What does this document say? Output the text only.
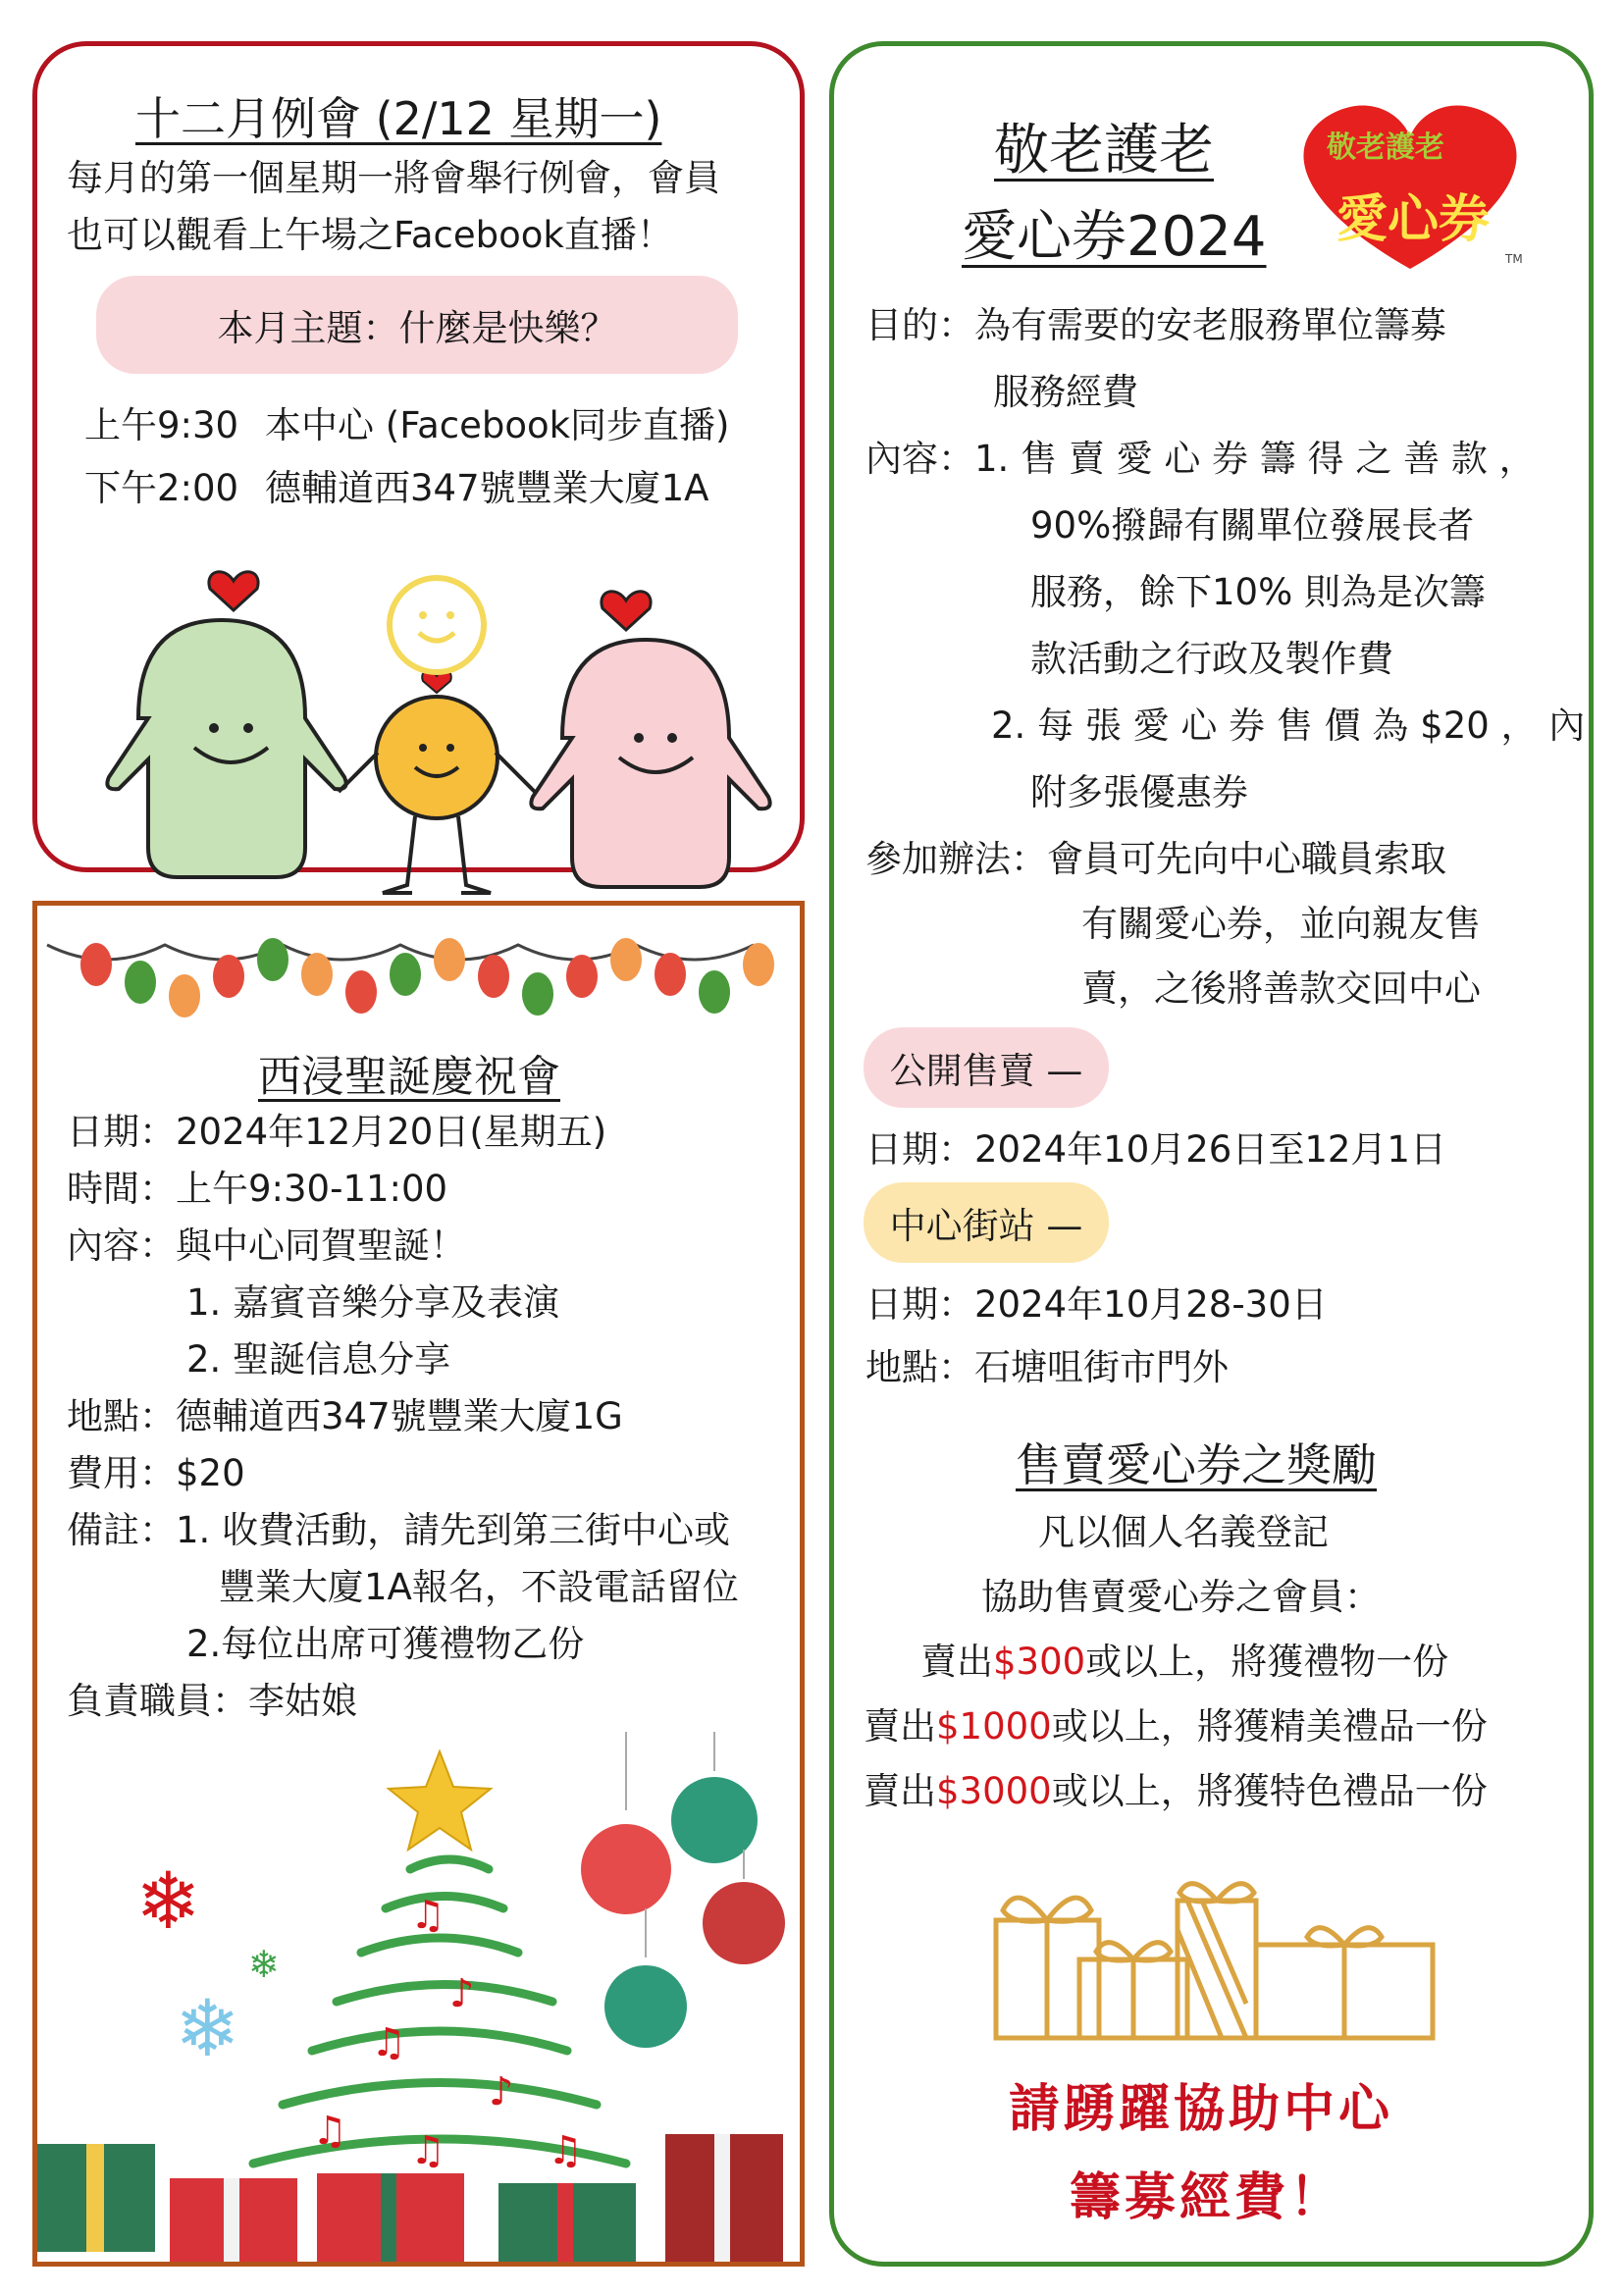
十二月例會 (2/12 星期一)
每月的第一個星期一將會舉行例會，會員
也可以觀看上午場之Facebook直播！
本月主題：什麼是快樂？
上午9:30 本中心 (Facebook同步直播)
下午2:00 德輔道西347號豐業大廈1A
西浸聖誕慶祝會
日期：2024年12月20日(星期五)
時間：上午9:30-11:00
內容：與中心同賀聖誕！
1. 嘉賓音樂分享及表演
2. 聖誕信息分享
地點：德輔道西347號豐業大廈1G
費用：$20
備註：1. 收費活動，請先到第三街中心或
豐業大廈1A報名，不設電話留位
2.每位出席可獲禮物乙份
負責職員：李姑娘
♫
♪
♫
♪
♫	♫
♫
❄
❄
❄
敬老護老
愛心券2024
敬老護老
愛心券
TM
目的：為有需要的安老服務單位籌募
服務經費
內容：1. 售 賣 愛 心 券 籌 得 之 善 款 ，
90%撥歸有關單位發展長者
服務，餘下10% 則為是次籌
款活動之行政及製作費
2. 每 張 愛 心 券 售 價 為 $20 ， 內
附多張優惠券
參加辦法：會員可先向中心職員索取
有關愛心券，並向親友售
賣，之後將善款交回中心
公開售賣 —
日期：2024年10月26日至12月1日
中心街站 —
日期：2024年10月28-30日
地點：石塘咀街市門外
售賣愛心券之獎勵
凡以個人名義登記
協助售賣愛心券之會員：
賣出$300或以上，將獲禮物一份
賣出$1000或以上，將獲精美禮品一份
賣出$3000或以上，將獲特色禮品一份
請踴躍協助中心
籌募經費！
